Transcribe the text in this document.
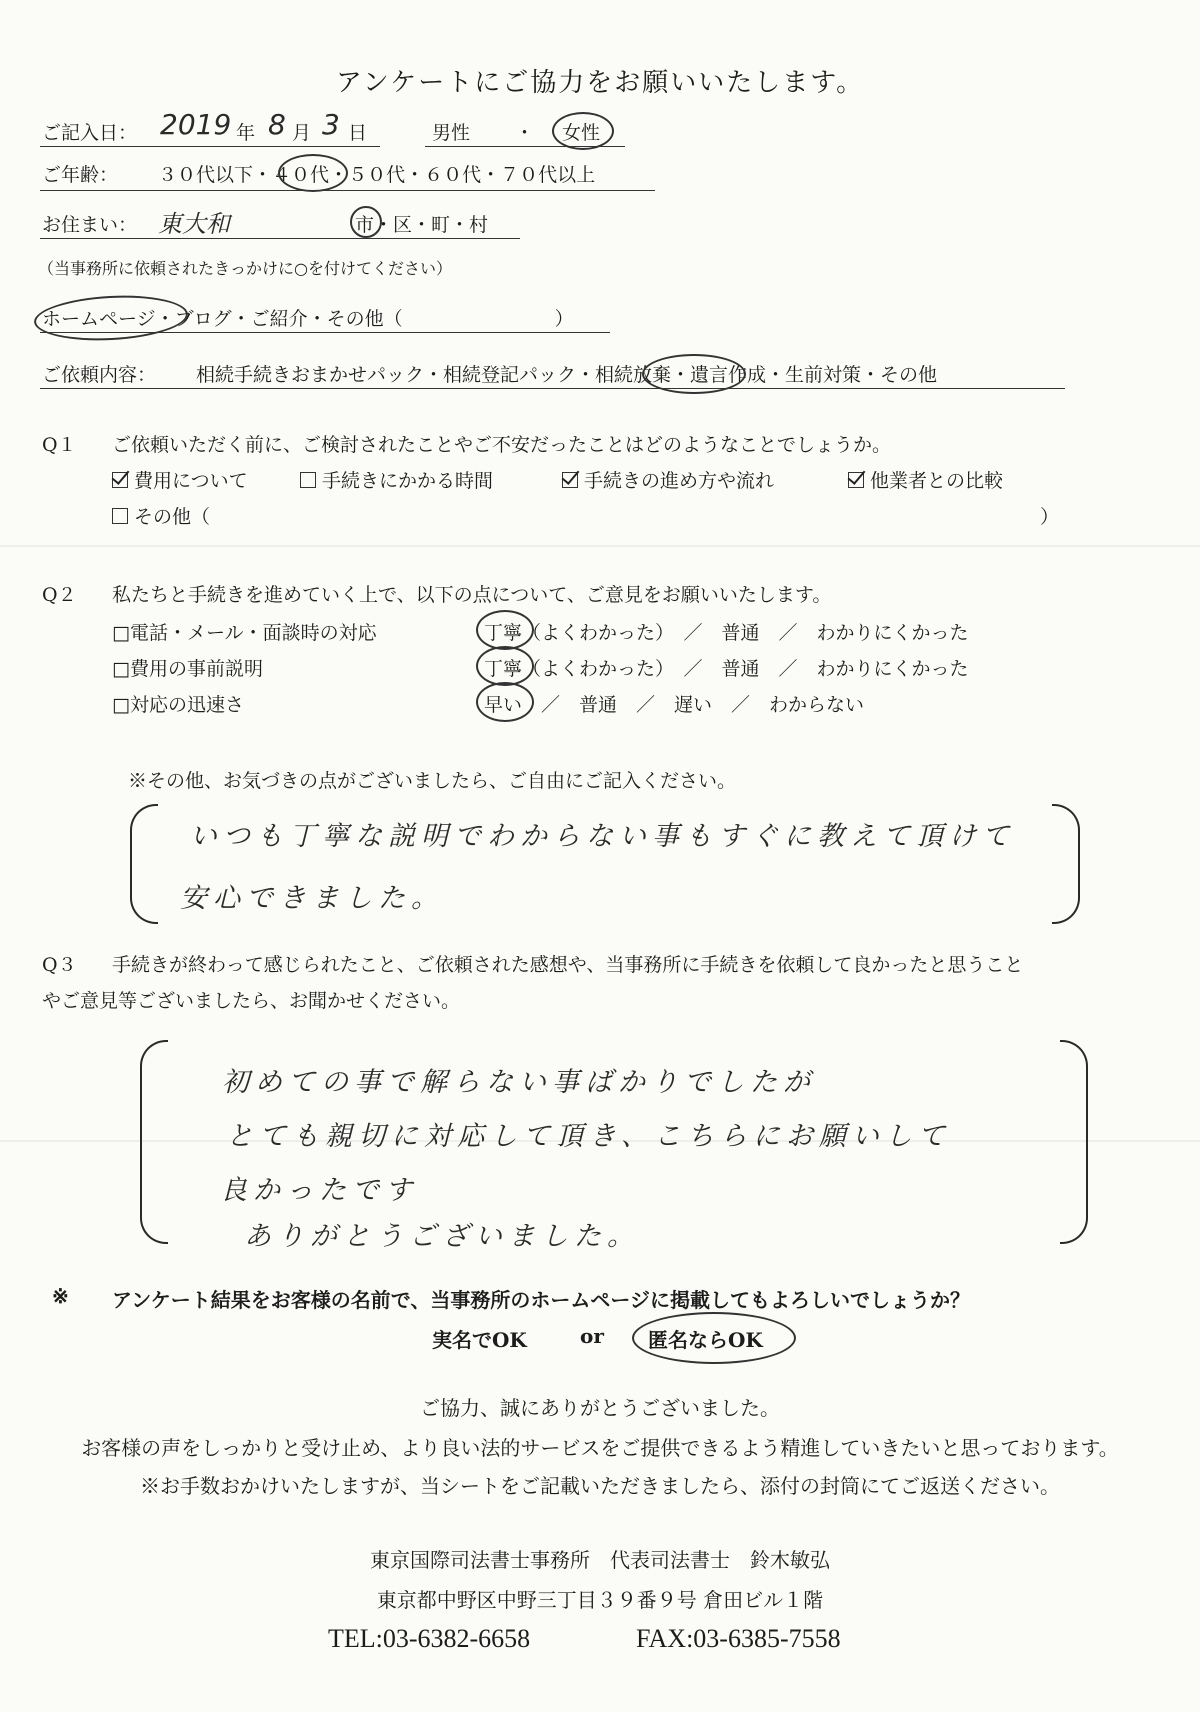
アンケートにご協力をお願いいたします。
ご記入日： 2019 年 8 月 3 日	男性 ・ 女性
ご年齢： ３０代以下・４０代・５０代・６０代・７０代以上
お住まい： 東大和	市・区・町・村
（当事務所に依頼されたきっかけに○を付けてください）
ホームページ・ブログ・ご紹介・その他（　　　　　　　　）
ご依頼内容： 相続手続きおまかせパック・相続登記パック・相続放棄・遺言作成・生前対策・その他
Q１ ご依頼いただく前に、ご検討されたことやご不安だったことはどのようなことでしょうか。
費用について	手続きにかかる時間	手続きの進め方や流れ	他業者との比較
その他（	）
Q２ 私たちと手続きを進めていく上で、以下の点について、ご意見をお願いいたします。
□電話・メール・面談時の対応	丁寧（よくわかった）　 ／　普通　／　わかりにくかった
□費用の事前説明	丁寧（よくわかった）　 ／　普通　／　わかりにくかった
□対応の迅速さ	早い　 ／　普通　／　遅い　／　わからない
※その他、お気づきの点がございましたら、ご自由にご記入ください。
いつも丁寧な説明でわからない事もすぐに教えて頂けて
安心できました。
Q３ 手続きが終わって感じられたこと、ご依頼された感想や、当事務所に手続きを依頼して良かったと思うこと
やご意見等ございましたら、お聞かせください。
初めての事で解らない事ばかりでしたが
とても親切に対応して頂き、こちらにお願いして
良かったです
ありがとうございました。
※ アンケート結果をお客様の名前で、当事務所のホームページに掲載してもよろしいでしょうか？
実名でOK	or 匿名ならOK
ご協力、誠にありがとうございました。
お客様の声をしっかりと受け止め、より良い法的サービスをご提供できるよう精進していきたいと思っております。
※お手数おかけいたしますが、当シートをご記載いただきましたら、添付の封筒にてご返送ください。
東京国際司法書士事務所　代表司法書士　鈴木敏弘
東京都中野区中野三丁目３９番９号 倉田ビル１階
TEL:03-6382-6658	FAX:03-6385-7558
